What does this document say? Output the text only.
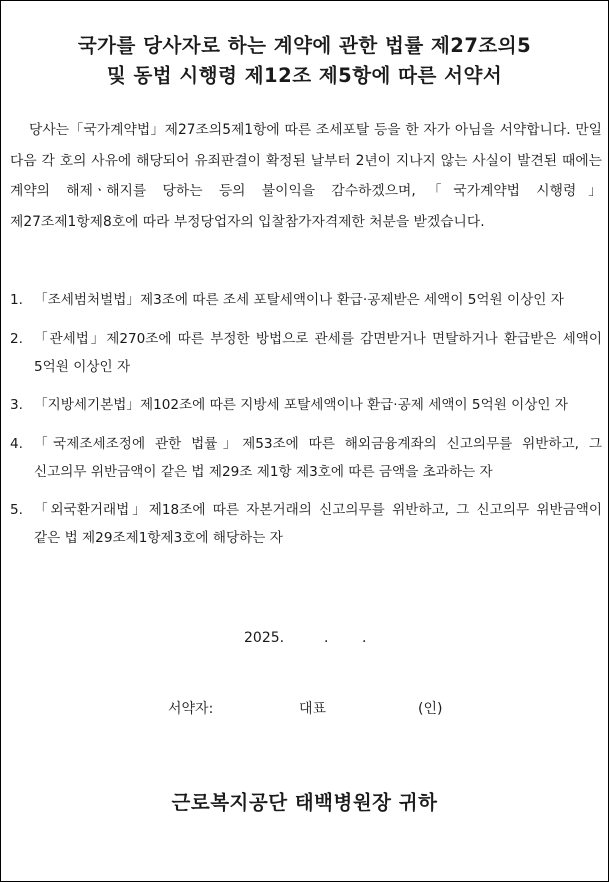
국가를 당사자로 하는 계약에 관한 법률 제27조의5
및 동법 시행령 제12조 제5항에 따른 서약서
당사는「국가계약법」제27조의5제1항에 따른 조세포탈 등을 한 자가 아님을 서약합니다. 만일 다음 각 호의 사유에 해당되어 유죄판결이 확정된 날부터 2년이 지나지 않는 사실이 발견된 때에는 계약의 해제ㆍ해지를 당하는 등의 불이익을 감수하겠으며,「국가계약법 시행령」제27조제1항제8호에 따라 부정당업자의 입찰참가자격제한 처분을 받겠습니다.
1. 「조세범처벌법」제3조에 따른 조세 포탈세액이나 환급·공제받은 세액이 5억원 이상인 자
2. 「관세법」제270조에 따른 부정한 방법으로 관세를 감면받거나 면탈하거나 환급받은 세액이 5억원 이상인 자
3. 「지방세기본법」제102조에 따른 지방세 포탈세액이나 환급·공제 세액이 5억원 이상인 자
4. 「국제조세조정에 관한 법률」제53조에 따른 해외금융계좌의 신고의무를 위반하고, 그 신고의무 위반금액이 같은 법 제29조 제1항 제3호에 따른 금액을 초과하는 자
5. 「외국환거래법」제18조에 따른 자본거래의 신고의무를 위반하고, 그 신고의무 위반금액이 같은 법 제29조제1항제3호에 해당하는 자
2025.	. .
서약자:	대표	(인)
근로복지공단 태백병원장 귀하
